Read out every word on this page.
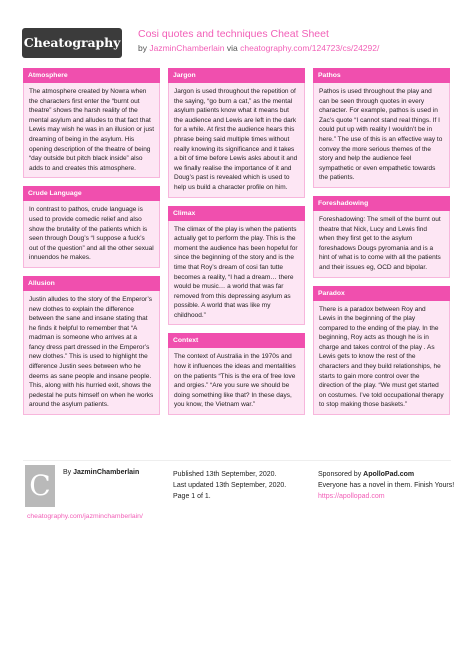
Cheatography
Cosi quotes and techniques Cheat Sheet
by JazminChamberlain via cheatography.com/124723/cs/24292/
Atmosphere

The atmosphere created by Nowra when the characters first enter the “burnt out theatre” shows the harsh reality of the mental asylum and alludes to that fact that Lewis may wish he was in an illusion or just dreaming of being in the asylum. His opening description of the theatre of being “day outside but pitch black inside” also adds to and creates this atmosphere.

Crude Language

In contrast to pathos, crude language is used to provide comedic relief and also show the brutality of the patients which is seen through Doug’s “I suppose a fuck’s out of the question” and all the other sexual innuendos he makes.

Allusion

Justin alludes to the story of the Emperor’s new clothes to explain the difference between the sane and insane stating that he finds it helpful to remember that “A madman is someone who arrives at a fancy dress part dressed in the Emperor’s new clothes.” This is used to highlight the difference Justin sees between who he deems as sane people and insane people. This, along with his hurried exit, shows the pedestal he puts himself on when he works around the asylum patients.

Jargon

Jargon is used throughout the repetition of the saying, “go burn a cat,” as the mental asylum patients know what it means but the audience and Lewis are left in the dark for a while. At first the audience hears this phrase being said multiple times without really knowing its significance and it takes a bit of time before Lewis asks about it and we finally realise the importance of it and Doug’s past is revealed which is used to help us build a character profile on him.

Climax

The climax of the play is when the patients actually get to perform the play. This is the moment the audience has been hopeful for since the beginning of the story and is the time that Roy’s dream of cosi fan tutte becomes a reality, “I had a dream… there would be music… a world that was far removed from this depressing asylum as possible. A world that was like my childhood.”

Context

The context of Australia in the 1970s and how it influences the ideas and mentalities on the patients “This is the era of free love and orgies.” “Are you sure we should be doing something like that? In these days, you know, the Vietnam war.”

Pathos

Pathos is used throughout the play and can be seen through quotes in every character. For example, pathos is used in Zac’s quote “I cannot stand real things. If I could put up with reality I wouldn’t be in here.” The use of this is an effective way to convey the more serious themes of the story and help the audience feel sympathetic or even empathetic towards the patients.

Foreshadowing

Foreshadowing: The smell of the burnt out theatre that Nick, Lucy and Lewis find when they first get to the asylum foreshadows Dougs pyromania and is a hint of what is to come with all the patients and their issues eg, OCD and bipolar.

Paradox

There is a paradox between Roy and Lewis in the beginning of the play compared to the ending of the play. In the beginning, Roy acts as though he is in charge and takes control of the play . As Lewis gets to know the rest of the characters and they build relationships, he starts to gain more control over the direction of the play. “We must get started on costumes. I’ve told occupational therapy to stop making those baskets.”

C	By JazminChamberlain
cheatography.com/jazminchamberlain/
Published 13th September, 2020.
Last updated 13th September, 2020.
Page 1 of 1.
Sponsored by ApolloPad.com
Everyone has a novel in them. Finish Yours!
https://apollopad.com
